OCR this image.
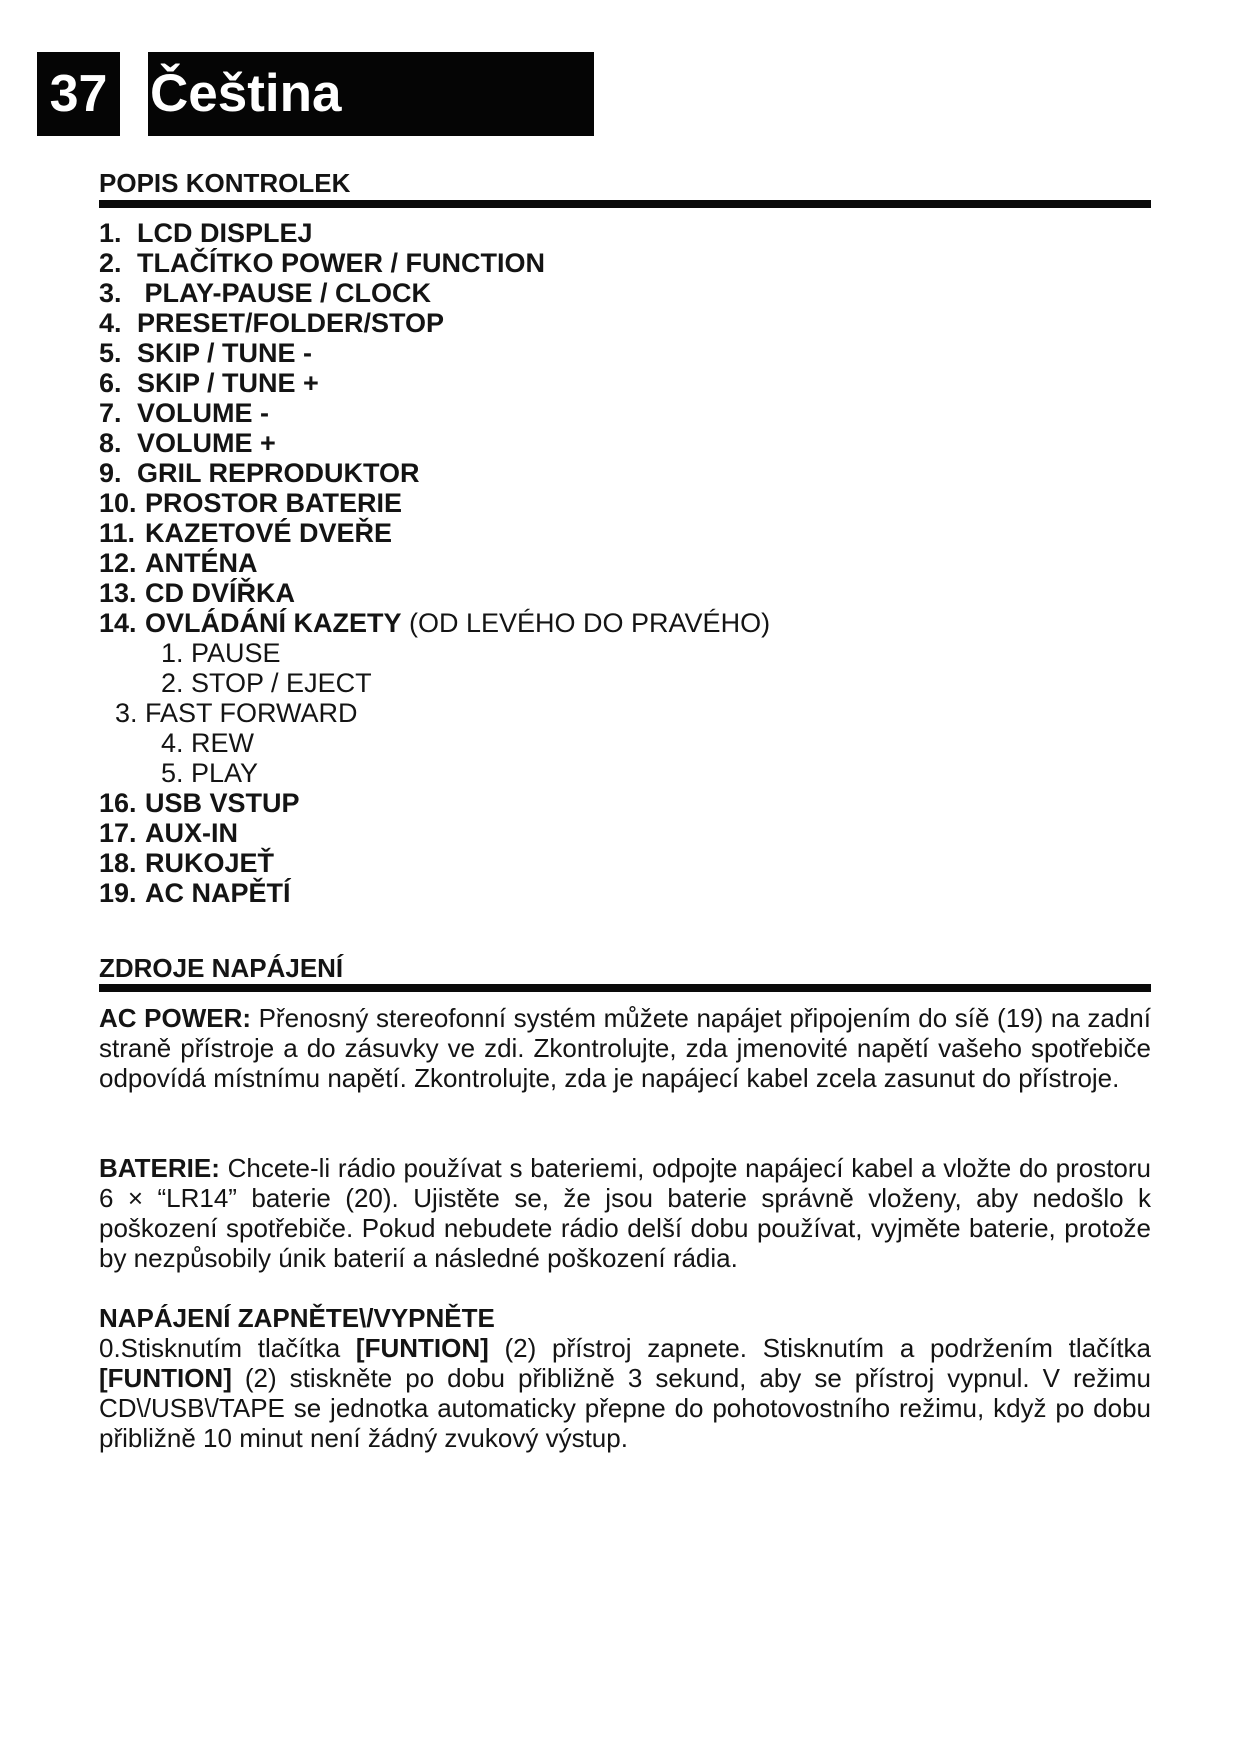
37 Čeština
POPIS KONTROLEK
1. LCD DISPLEJ
2. TLAČÍTKO POWER / FUNCTION
3. PLAY-PAUSE / CLOCK
4. PRESET/FOLDER/STOP
5. SKIP / TUNE -
6. SKIP / TUNE +
7. VOLUME -
8. VOLUME +
9. GRIL REPRODUKTOR
10. PROSTOR BATERIE
11. KAZETOVÉ DVEŘE
12. ANTÉNA
13. CD DVÍŘKA
14. OVLÁDÁNÍ KAZETY (OD LEVÉHO DO PRAVÉHO)
1. PAUSE
2. STOP / EJECT
3. FAST FORWARD
4. REW
5. PLAY
16. USB VSTUP
17. AUX-IN
18. RUKOJEŤ
19. AC NAPĚTÍ
ZDROJE NAPÁJENÍ

AC POWER: Přenosný stereofonní systém můžete napájet připojením do síě (19) na zadní straně přístroje a do zásuvky ve zdi. Zkontrolujte, zda jmenovité napětí vašeho spotřebiče odpovídá místnímu napětí. Zkontrolujte, zda je napájecí kabel zcela zasunut do přístroje.

BATERIE: Chcete-li rádio používat s bateriemi, odpojte napájecí kabel a vložte do prostoru 6 × “LR14” baterie (20). Ujistěte se, že jsou baterie správně vloženy, aby nedošlo k poškození spotřebiče. Pokud nebudete rádio delší dobu používat, vyjměte baterie, protože by nezpůsobily únik baterií a následné poškození rádia.

NAPÁJENÍ ZAPNĚTE\/VYPNĚTE

0.Stisknutím tlačítka [FUNTION] (2) přístroj zapnete. Stisknutím a podržením tlačítka [FUNTION] (2) stiskněte po dobu přibližně 3 sekund, aby se přístroj vypnul. V režimu CD\/USB\/TAPE se jednotka automaticky přepne do pohotovostního režimu, když po dobu přibližně 10 minut není žádný zvukový výstup.
